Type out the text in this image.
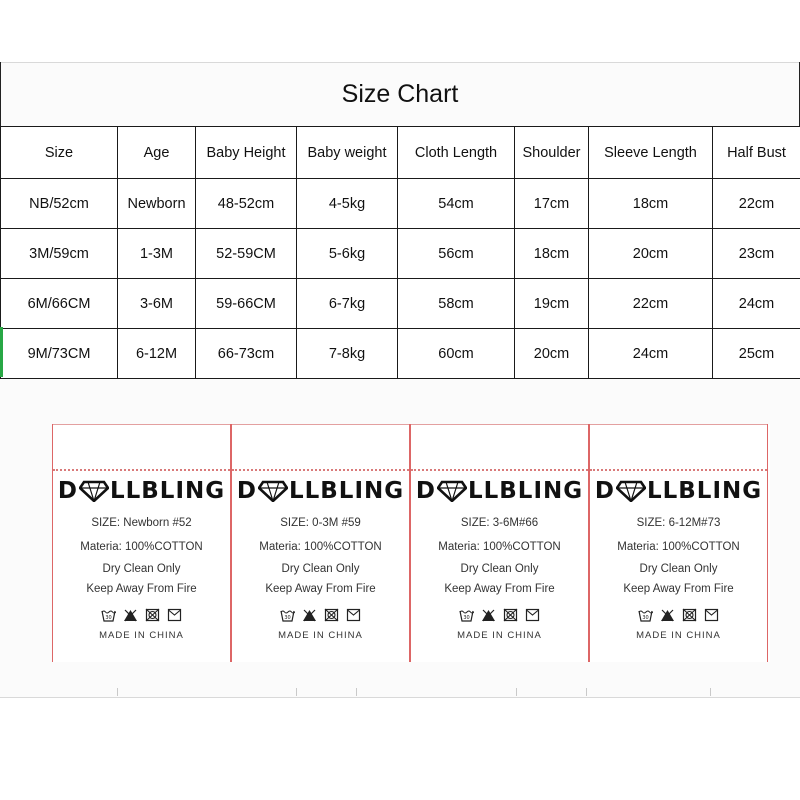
Size Chart
Size	Age	Baby Height	Baby weight	Cloth Length	Shoulder	Sleeve Length	Half Bust
NB/52cm	Newborn	48-52cm	4-5kg	54cm	17cm	18cm	22cm
3M/59cm	1-3M	52-59CM	5-6kg	56cm	18cm	20cm	23cm
6M/66CM	3-6M	59-66CM	6-7kg	58cm	19cm	22cm	24cm
9M/73CM	6-12M	66-73cm	7-8kg	60cm	20cm	24cm	25cm
D LLBLING
SIZE: Newborn #52
Materia: 100%COTTON
Dry Clean Only
Keep Away From Fire
30
MADE IN CHINA
D LLBLING
SIZE: 0-3M #59
Materia: 100%COTTON
Dry Clean Only
Keep Away From Fire
30
MADE IN CHINA
D LLBLING
SIZE: 3-6M#66
Materia: 100%COTTON
Dry Clean Only
Keep Away From Fire
30
MADE IN CHINA
D LLBLING
SIZE: 6-12M#73
Materia: 100%COTTON
Dry Clean Only
Keep Away From Fire
30
MADE IN CHINA
